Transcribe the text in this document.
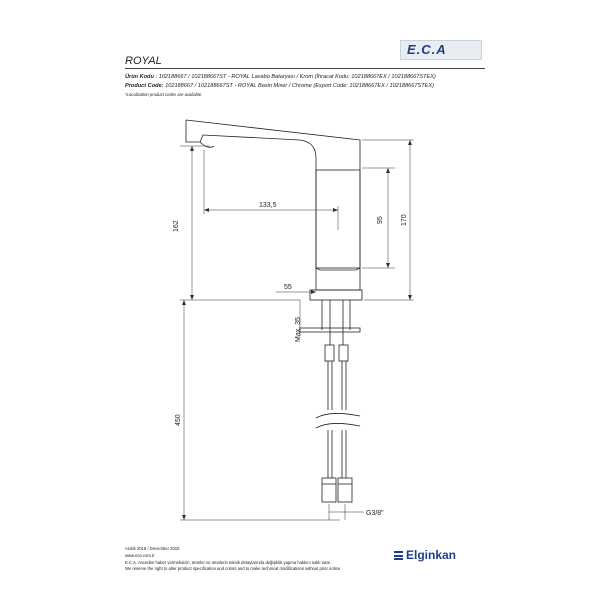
E.C.A
ROYAL
Ürün Kodu : 102188667 / 102188667ST - ROYAL Lavabo Bataryası / Krom (İhracat Kodu: 102188667EX / 102188667STEX)
Product Code: 102188667 / 102188667ST - ROYAL Basin Mixer / Chrome (Export Code: 102188667EX / 102188667STEX)
*Localization product codes are available.
133,5
162
95 170
55
Max. 35
450
G3/8"
Aralık 2018 / December 2018
www.eca.com.tr
E.C.A. önceden haber vermeksizin, ürünler ve ürünlerin teknik detaylarında değişiklik yapma hakkını saklı tutar.
We reserve the right to alter product specification and colors and to make technical modifications without prior notice.
Elginkan
